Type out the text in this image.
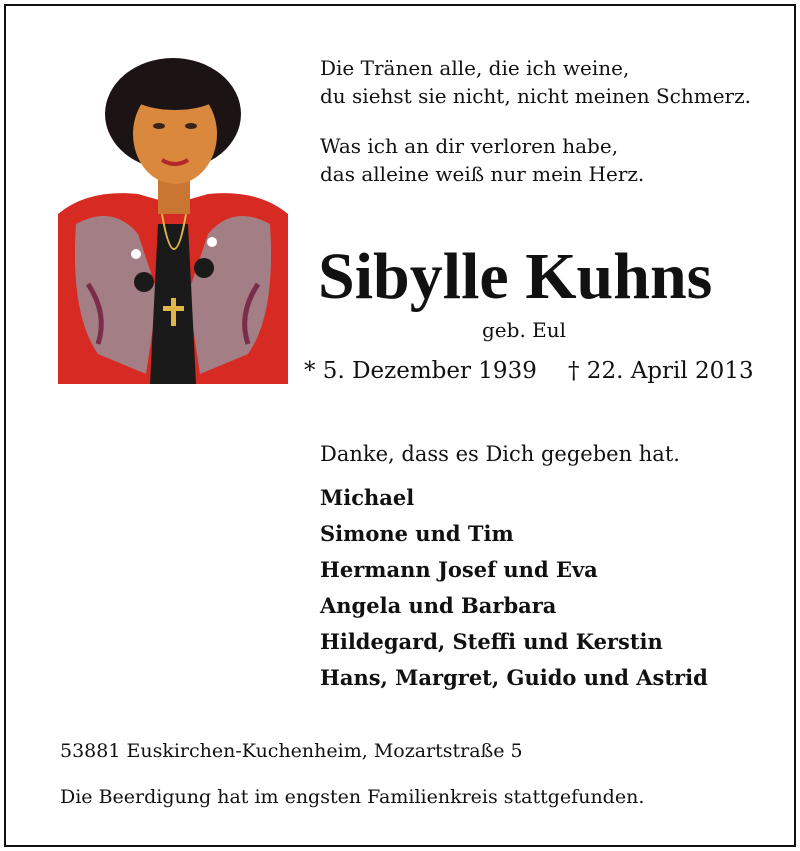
Die Tränen alle, die ich weine,
du siehst sie nicht, nicht meinen Schmerz.
Was ich an dir verloren habe,
das alleine weiß nur mein Herz.
Sibylle Kuhns
geb. Eul
* 5. Dezember 1939 † 22. April 2013
Danke, dass es Dich gegeben hat.
Michael
Simone und Tim
Hermann Josef und Eva
Angela und Barbara
Hildegard, Steffi und Kerstin
Hans, Margret, Guido und Astrid
53881 Euskirchen-Kuchenheim, Mozartstraße 5
Die Beerdigung hat im engsten Familienkreis stattgefunden.
